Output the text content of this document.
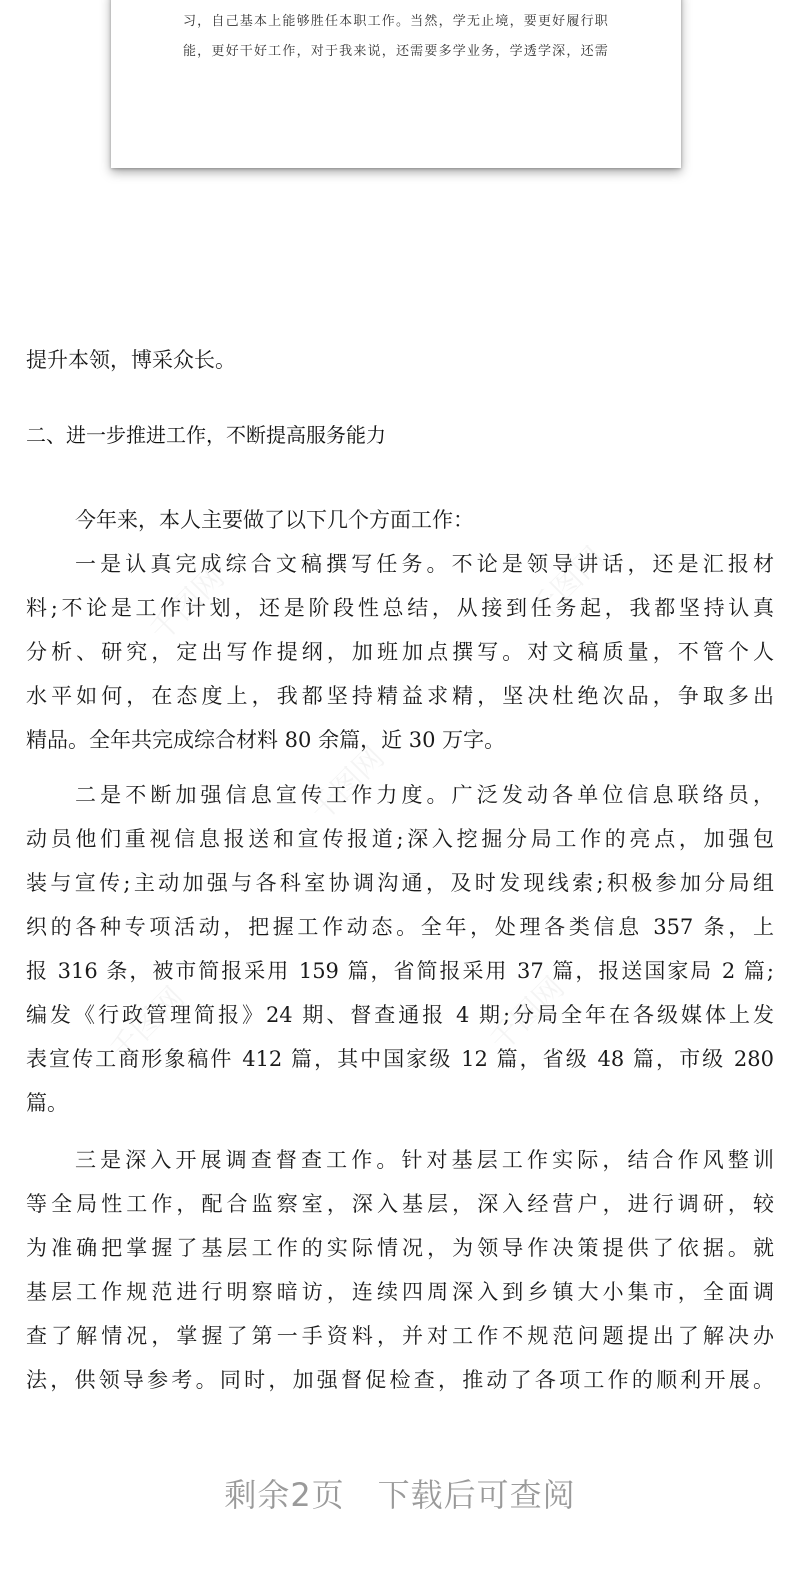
习，自己基本上能够胜任本职工作。当然，学无止境，要更好履行职
能，更好干好工作，对于我来说，还需要多学业务，学透学深，还需
提升本领，博采众长。
二、进一步推进工作，不断提高服务能力
今年来，本人主要做了以下几个方面工作：
一是认真完成综合文稿撰写任务。不论是领导讲话，还是汇报材
料;不论是工作计划，还是阶段性总结，从接到任务起，我都坚持认真
分析、研究，定出写作提纲，加班加点撰写。对文稿质量，不管个人
水平如何，在态度上，我都坚持精益求精，坚决杜绝次品，争取多出
精品。全年共完成综合材料 80 余篇，近 30 万字。
二是不断加强信息宣传工作力度。广泛发动各单位信息联络员，
动员他们重视信息报送和宣传报道;深入挖掘分局工作的亮点，加强包
装与宣传;主动加强与各科室协调沟通，及时发现线索;积极参加分局组
织的各种专项活动，把握工作动态。全年，处理各类信息 357 条，上
报 316 条，被市简报采用 159 篇，省简报采用 37 篇，报送国家局 2 篇;
编发《行政管理简报》24 期、督查通报 4 期;分局全年在各级媒体上发
表宣传工商形象稿件 412 篇，其中国家级 12 篇，省级 48 篇，市级 280
篇。
三是深入开展调查督查工作。针对基层工作实际，结合作风整训
等全局性工作，配合监察室，深入基层，深入经营户，进行调研，较
为准确把掌握了基层工作的实际情况，为领导作决策提供了依据。就
基层工作规范进行明察暗访，连续四周深入到乡镇大小集市，全面调
查了解情况，掌握了第一手资料，并对工作不规范问题提出了解决办
法，供领导参考。同时，加强督促检查，推动了各项工作的顺利开展。
剩余2页　下载后可查阅
